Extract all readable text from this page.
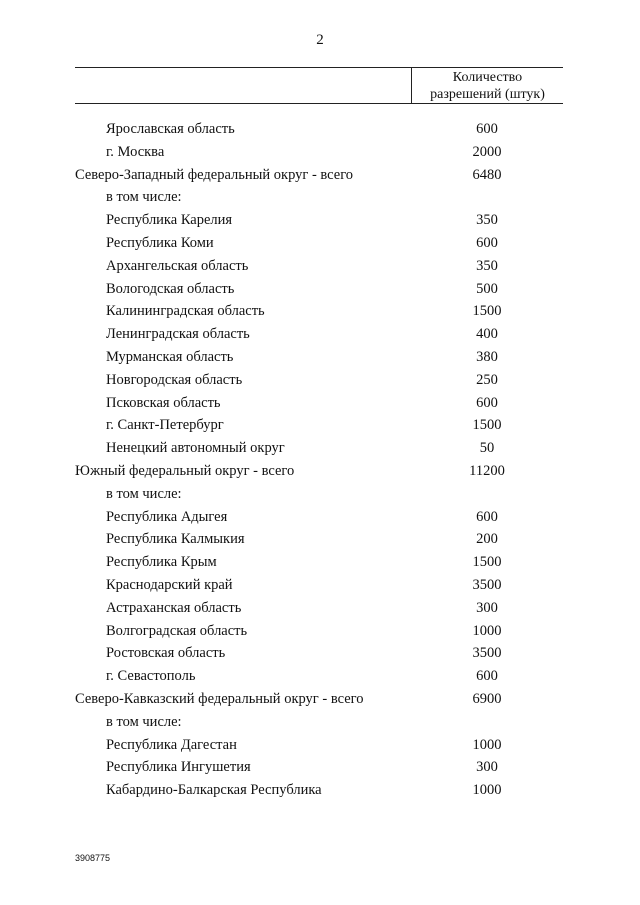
2
Количество
разрешений (штук)
Ярославская область	600
г. Москва	2000
Северо-Западный федеральный округ - всего	6480
в том числе:
Республика Карелия	350
Республика Коми	600
Архангельская область	350
Вологодская область	500
Калининградская область	1500
Ленинградская область	400
Мурманская область	380
Новгородская область	250
Псковская область	600
г. Санкт-Петербург	1500
Ненецкий автономный округ	50
Южный федеральный округ - всего	11200
в том числе:
Республика Адыгея	600
Республика Калмыкия	200
Республика Крым	1500
Краснодарский край	3500
Астраханская область	300
Волгоградская область	1000
Ростовская область	3500
г. Севастополь	600
Северо-Кавказский федеральный округ - всего	6900
в том числе:
Республика Дагестан	1000
Республика Ингушетия	300
Кабардино-Балкарская Республика	1000
3908775
